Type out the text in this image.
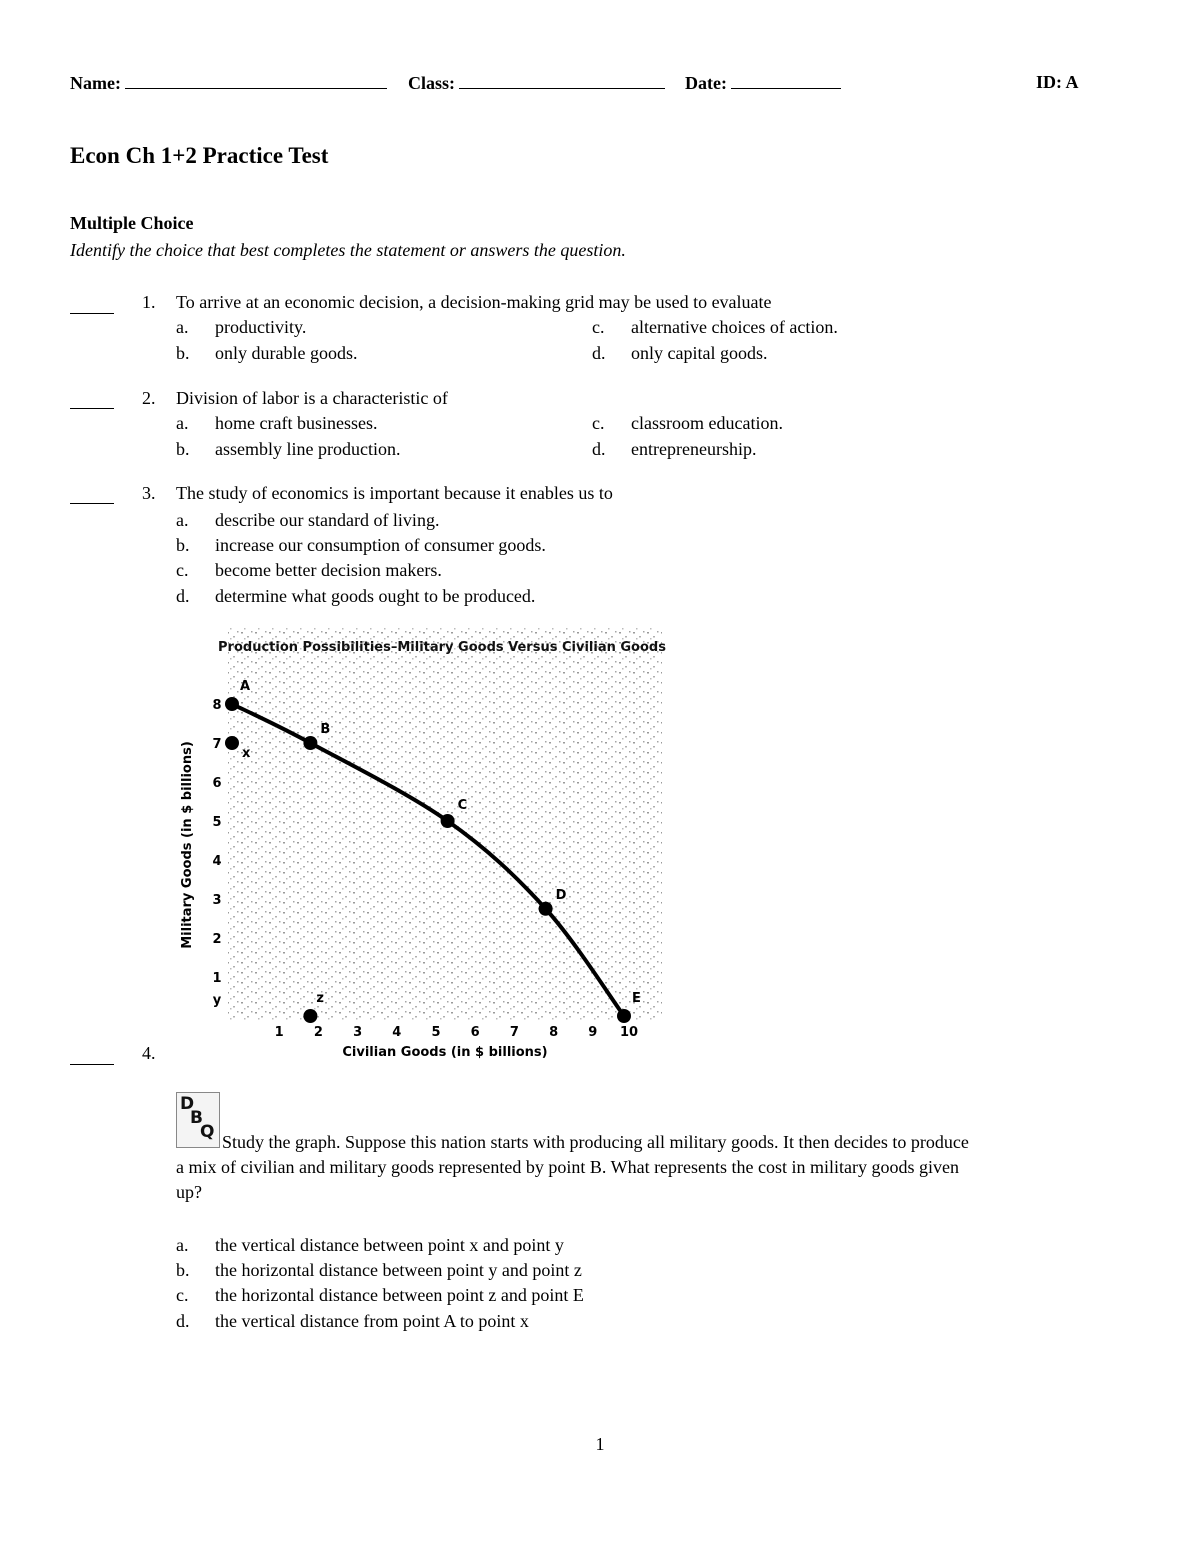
Name:	Class:	Date:	ID: A
Econ Ch 1+2 Practice Test
Multiple Choice
Identify the choice that best completes the statement or answers the question.
1. To arrive at an economic decision, a decision-making grid may be used to evaluate
a. productivity.
b. only durable goods.
c. alternative choices of action.
d. only capital goods.
2. Division of labor is a characteristic of
a. home craft businesses.
b. assembly line production.
c. classroom education.
d. entrepreneurship.
3. The study of economics is important because it enables us to
a. describe our standard of living.
b. increase our consumption of consumer goods.
c. become better decision makers.
d. determine what goods ought to be produced.
Production Possibilities–Military Goods Versus Civilian Goods
1
2
3
4
5
6
7
8
1 2 3 4 5 6 7 8 9 10
A
B
C
D
E
x
z
y
Civilian Goods (in $ billions)
Military Goods (in $ billions)
4.
D
B
Q Study the graph. Suppose this nation starts with producing all military goods. It then decides to produce
a mix of civilian and military goods represented by point B. What represents the cost in military goods given
up?
a. the vertical distance between point x and point y
b. the horizontal distance between point y and point z
c. the horizontal distance between point z and point E
d. the vertical distance from point A to point x
1
